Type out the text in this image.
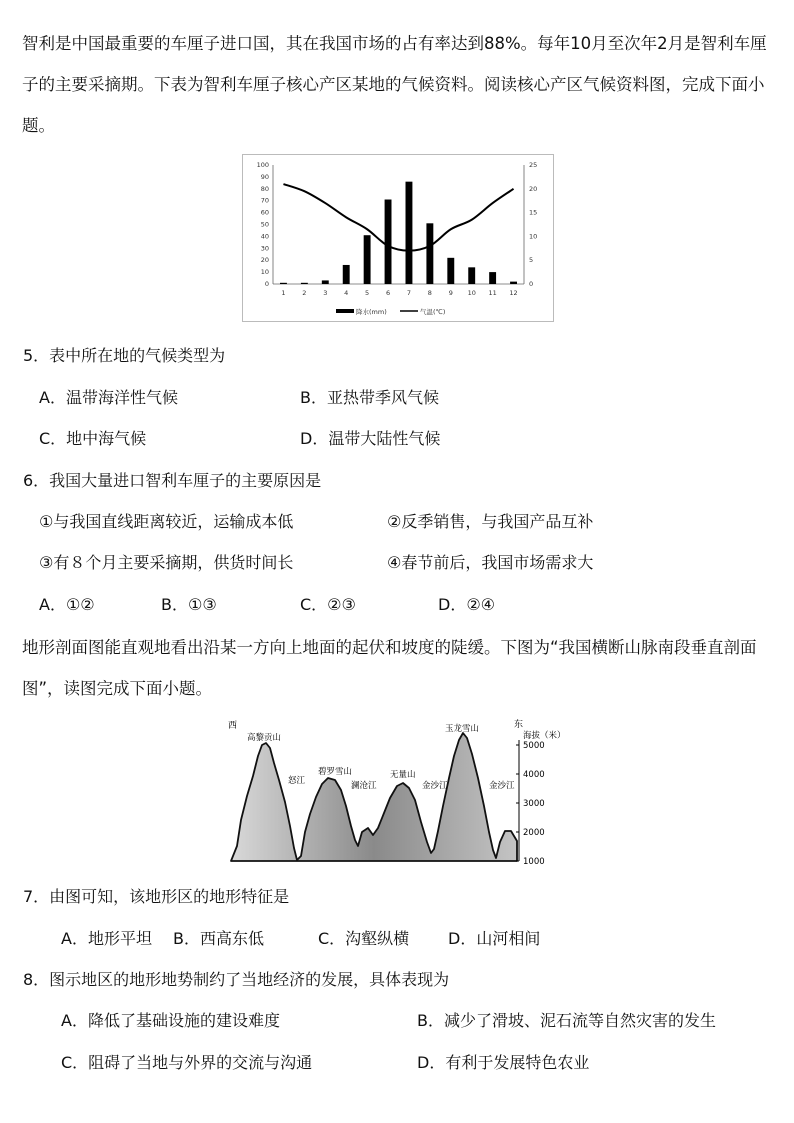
智利是中国最重要的车厘子进口国，其在我国市场的占有率达到88%。每年10月至次年2月是智利车厘子的主要采摘期。下表为智利车厘子核心产区某地的气候资料。阅读核心产区气候资料图，完成下面小题。

100
90
80
70
60
50
40
30
20
10
0
25
20
15
10
5
0
1	2	3	4	5	6	7	8	9 10 11 12
降水(mm)	气温(℃)
5．表中所在地的气候类型为
A．温带海洋性气候	B．亚热带季风气候
C．地中海气候	D．温带大陆性气候
6．我国大量进口智利车厘子的主要原因是
①与我国直线距离较近，运输成本低	②反季销售，与我国产品互补
③有８个月主要采摘期，供货时间长	④春节前后，我国市场需求大
A．①②	B．①③	C．②③	D．②④

地形剖面图能直观地看出沿某一方向上地面的起伏和坡度的陡缓。下图为“我国横断山脉南段垂直剖面图”，读图完成下面小题。

西	东
海拔（米）
5000
4000
3000
2000
1000
高黎贡山
怒江
碧罗雪山
澜沧江
无量山
金沙江
玉龙雪山
金沙江
7．由图可知，该地形区的地形特征是
A．地形平坦 B．西高东低	C．沟壑纵横 D．山河相间
8．图示地区的地形地势制约了当地经济的发展，具体表现为
A．降低了基础设施的建设难度	B．减少了滑坡、泥石流等自然灾害的发生
C．阻碍了当地与外界的交流与沟通	D．有利于发展特色农业
